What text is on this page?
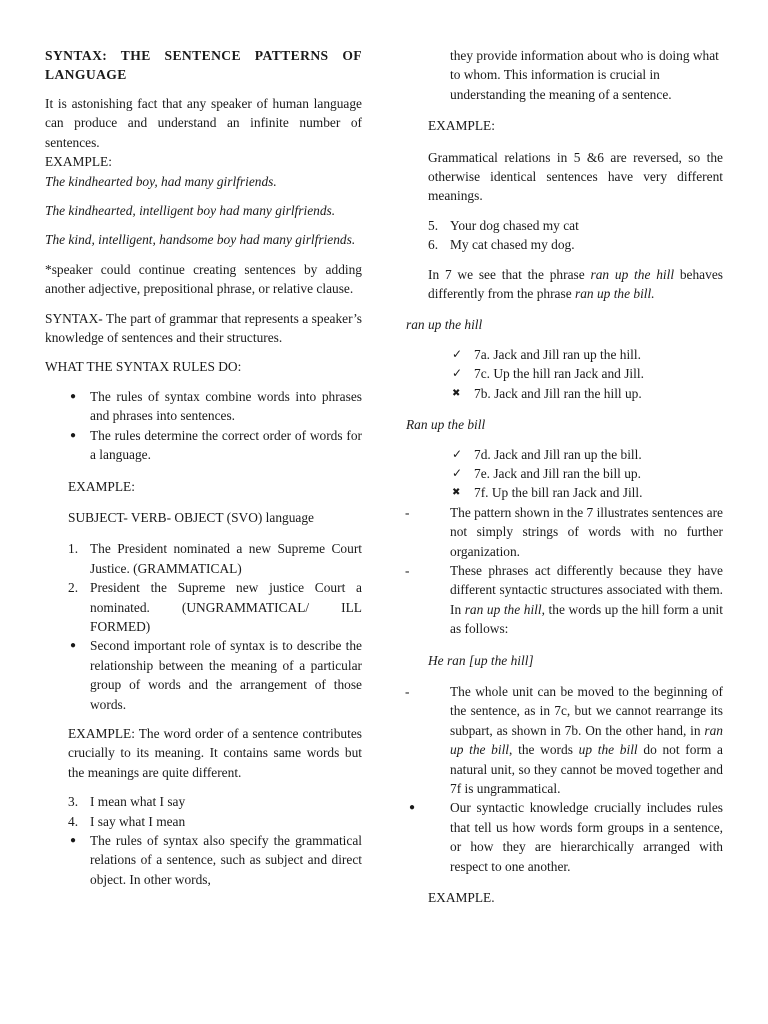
SYNTAX: THE SENTENCE PATTERNS OF LANGUAGE

It is astonishing fact that any speaker of human language can produce and understand an infinite number of sentences.

EXAMPLE:

The kindhearted boy, had many girlfriends.

The kindhearted, intelligent boy had many girlfriends.

The kind, intelligent, handsome boy had many girlfriends.

*speaker could continue creating sentences by adding another adjective, prepositional phrase, or relative clause.

SYNTAX- The part of grammar that represents a speaker’s knowledge of sentences and their structures.

WHAT THE SYNTAX RULES DO:

● The rules of syntax combine words into phrases and phrases into sentences.
● The rules determine the correct order of words for a language.

EXAMPLE:

SUBJECT- VERB- OBJECT (SVO) language

1. The President nominated a new Supreme Court Justice. (GRAMMATICAL)
2. President the Supreme new justice Court a nominated. (UNGRAMMATICAL/ ILL FORMED)
● Second important role of syntax is to describe the relationship between the meaning of a particular group of words and the arrangement of those words.

EXAMPLE: The word order of a sentence contributes crucially to its meaning. It contains same words but the meanings are quite different.

3. I mean what I say
4. I say what I mean
● The rules of syntax also specify the grammatical relations of a sentence, such as subject and direct object. In other words,

they provide information about who is doing what to whom. This information is crucial in understanding the meaning of a sentence.

EXAMPLE:

Grammatical relations in 5 &6 are reversed, so the otherwise identical sentences have very different meanings.

5. Your dog chased my cat
6. My cat chased my dog.

In 7 we see that the phrase ran up the hill behaves differently from the phrase ran up the bill.

ran up the hill

✓ 7a. Jack and Jill ran up the hill.
✓ 7c. Up the hill ran Jack and Jill.
✖ 7b. Jack and Jill ran the hill up.

Ran up the bill

✓ 7d. Jack and Jill ran up the bill.
✓ 7e. Jack and Jill ran the bill up.
✖ 7f. Up the bill ran Jack and Jill.
-	The pattern shown in the 7 illustrates sentences are not simply strings of words with no further organization.
-	These phrases act differently because they have different syntactic structures associated with them. In ran up the hill, the words up the hill form a unit as follows:

He ran [up the hill]

-	The whole unit can be moved to the beginning of the sentence, as in 7c, but we cannot rearrange its subpart, as shown in 7b. On the other hand, in ran up the bill, the words up the bill do not form a natural unit, so they cannot be moved together and 7f is ungrammatical.
●	Our syntactic knowledge crucially includes rules that tell us how words form groups in a sentence, or how they are hierarchically arranged with respect to one another.

EXAMPLE.
